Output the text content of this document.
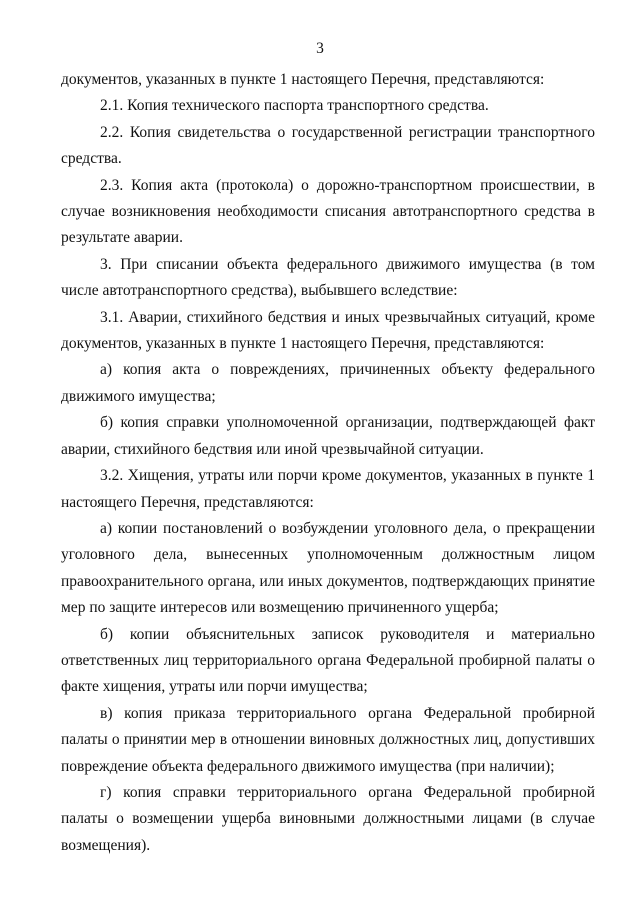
3

документов, указанных в пункте 1 настоящего Перечня, представляются:

2.1. Копия технического паспорта транспортного средства.

2.2. Копия свидетельства о государственной регистрации транспортного средства.

2.3. Копия акта (протокола) о дорожно-транспортном происшествии, в случае возникновения необходимости списания автотранспортного средства в результате аварии.

3. При списании объекта федерального движимого имущества (в том числе автотранспортного средства), выбывшего вследствие:

3.1. Аварии, стихийного бедствия и иных чрезвычайных ситуаций, кроме документов, указанных в пункте 1 настоящего Перечня, представляются:

а) копия акта о повреждениях, причиненных объекту федерального движимого имущества;

б) копия справки уполномоченной организации, подтверждающей факт аварии, стихийного бедствия или иной чрезвычайной ситуации.

3.2. Хищения, утраты или порчи кроме документов, указанных в пункте 1 настоящего Перечня, представляются:

а) копии постановлений о возбуждении уголовного дела, о прекращении уголовного дела, вынесенных уполномоченным должностным лицом правоохранительного органа, или иных документов, подтверждающих принятие мер по защите интересов или возмещению причиненного ущерба;

б) копии объяснительных записок руководителя и материально ответственных лиц территориального органа Федеральной пробирной палаты о факте хищения, утраты или порчи имущества;

в) копия приказа территориального органа Федеральной пробирной палаты о принятии мер в отношении виновных должностных лиц, допустивших повреждение объекта федерального движимого имущества (при наличии);

г) копия справки территориального органа Федеральной пробирной палаты о возмещении ущерба виновными должностными лицами (в случае возмещения).
